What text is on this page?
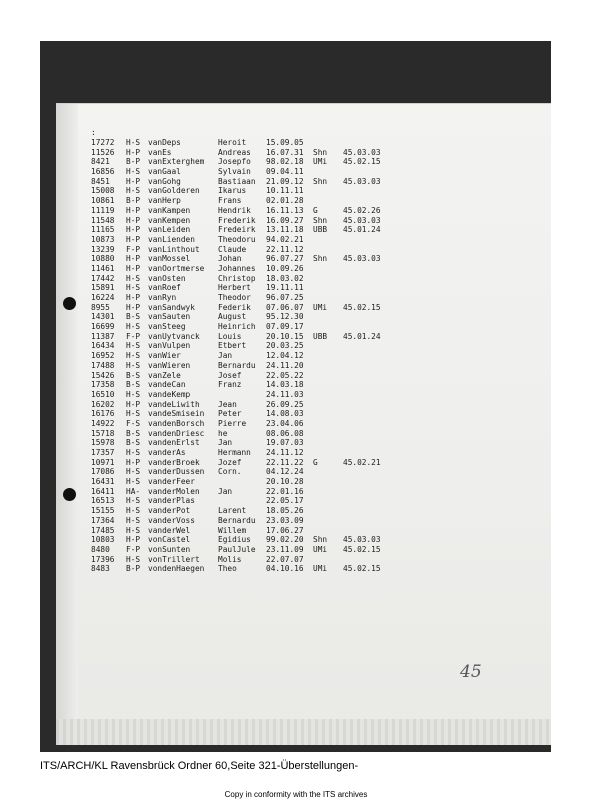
:
17272 H-S vanDeps	Heroit	15.09.05
11526 H-P vanEs	Andreas 16.07.31 Shn 45.03.03
8421 B-P vanExterghem Josepfo 98.02.18 UMi 45.02.15
16856 H-S vanGaal	Sylvain 09.04.11
8451 H-P vanGohg	Bastiaan 21.09.12 Shn 45.03.03
15008 H-S vanGolderen Ikarus	10.11.11
10861 B-P vanHerp	Frans	02.01.28
11119 H-P vanKampen	Hendrik 16.11.13 G	45.02.26
11548 H-P vanKempen	Frederik 16.09.27 Shn 45.03.03
11165 H-P vanLeiden	Fredeirk 13.11.18 UBB 45.01.24
10873 H-P vanLienden	Theodoru 94.02.21
13239 F-P vanLinthout Claude	22.11.12
10880 H-P vanMossel	Johan	96.07.27 Shn 45.03.03
11461 H-P vanOortmerse Johannes 10.09.26
17442 H-S vanOsten	Christop 18.03.02
15891 H-S vanRoef	Herbert 19.11.11
16224 H-P vanRyn	Theodor 96.07.25
8955 H-P vanSandwyk	Federik 07.06.07 UMi 45.02.15
14301 B-S vanSauten	August	95.12.30
16699 H-S vanSteeg	Heinrich 07.09.17
11387 F-P vanUytvanck Louis	20.10.15 UBB 45.01.24
16434 H-S vanVulpen	Etbert	20.03.25
16952 H-S vanWier	Jan	12.04.12
17488 H-S vanWieren	Bernardu 24.11.20
15426 B-S vanZele	Josef	22.05.22
17358 B-S vandeCan	Franz	14.03.18
16510 H-S vandeKemp	24.11.03
16202 H-P vandeLiwith Jean	26.09.25
16176 H-S vandeSmisein Peter	14.08.03
14922 F-S vandenBorsch Pierre	23.04.06
15718 B-S vandenDriesc he	08.06.08
15978 B-S vandenErlst Jan	19.07.03
17357 H-S vanderAs	Hermann 24.11.12
10971 H-P vanderBroek Jozef	22.11.22 G	45.02.21
17086 H-S vanderDussen Corn.	04.12.24
16431 H-S vanderFeer	20.10.28
16411 HA- vanderMolen Jan	22.01.16
16513 H-S vanderPlas	22.05.17
15155 H-S vanderPot	Larent	18.05.26
17364 H-S vanderVoss	Bernardu 23.03.09
17485 H-S vanderWel	Willem	17.06.27
10803 H-P vonCastel	Egidius 99.02.20 Shn 45.03.03
8480 F-P vonSunten	PaulJule 23.11.09 UMi 45.02.15
17396 H-S vonTrillert Molis	22.07.07
8483 B-P vondenHaegen Theo	04.10.16 UMi 45.02.15
45
ITS/ARCH/KL Ravensbrück Ordner 60,Seite 321-Überstellungen-
Copy in conformity with the ITS archives
